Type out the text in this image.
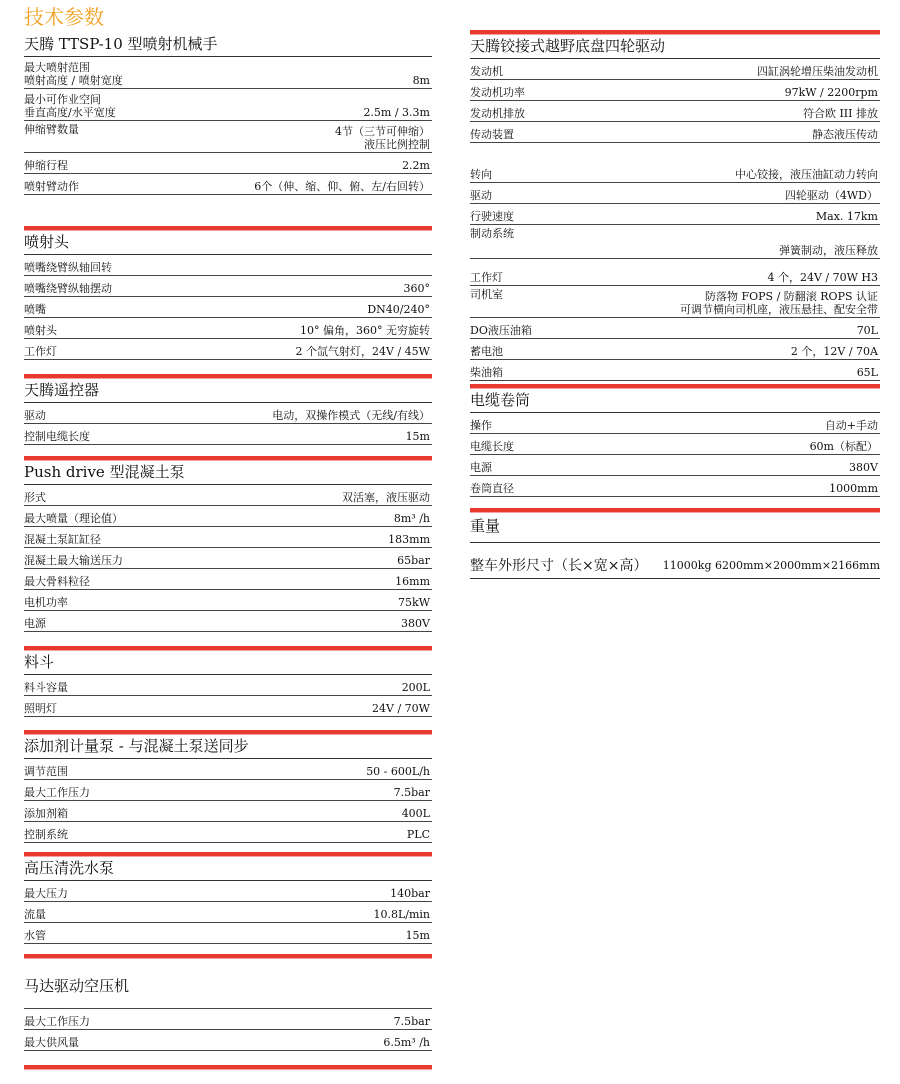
技术参数
天腾 TTSP-10 型喷射机械手
最大喷射范围
喷射高度 / 喷射宽度	8m
最小可作业空间
垂直高度/水平宽度	2.5m / 3.3m
伸缩臂数量	4节（三节可伸缩）
液压比例控制
伸缩行程	2.2m
喷射臂动作	6个（伸、缩、仰、俯、左/右回转）
喷射头
喷嘴绕臂纵轴回转
喷嘴绕臂纵轴摆动	360°
喷嘴	DN40/240°
喷射头	10° 偏角，360° 无穷旋转
工作灯	2 个氙气射灯，24V / 45W
天腾遥控器
驱动	电动，双操作模式（无线/有线）
控制电缆长度	15m
Push drive 型混凝土泵
形式	双活塞，液压驱动
最大喷量（理论值）	8m³ /h
混凝土泵缸缸径	183mm
混凝土最大输送压力	65bar
最大骨料粒径	16mm
电机功率	75kW
电源	380V
料斗
料斗容量	200L
照明灯	24V / 70W
添加剂计量泵 - 与混凝土泵送同步
调节范围	50 - 600L/h
最大工作压力	7.5bar
添加剂箱	400L
控制系统	PLC
高压清洗水泵
最大压力	140bar
流量	10.8L/min
水管	15m
马达驱动空压机
最大工作压力	7.5bar
最大供风量	6.5m³ /h
天腾铰接式越野底盘四轮驱动
发动机	四缸涡轮增压柴油发动机
发动机功率	97kW / 2200rpm
发动机排放	符合欧 III 排放
传动装置	静态液压传动
转向	中心铰接，液压油缸动力转向
驱动	四轮驱动（4WD）
行驶速度	Max. 17km
制动系统
弹簧制动，液压释放
工作灯	4 个，24V / 70W H3
司机室	防落物 FOPS / 防翻滚 ROPS 认证
可调节横向司机座，液压悬挂、配安全带
DO液压油箱	70L
蓄电池	2 个，12V / 70A
柴油箱	65L
电缆卷筒
操作	自动+手动
电缆长度	60m（标配）
电源	380V
卷筒直径	1000mm
重量
整车外形尺寸（长×宽×高） 11000kg 6200mm×2000mm×2166mm
